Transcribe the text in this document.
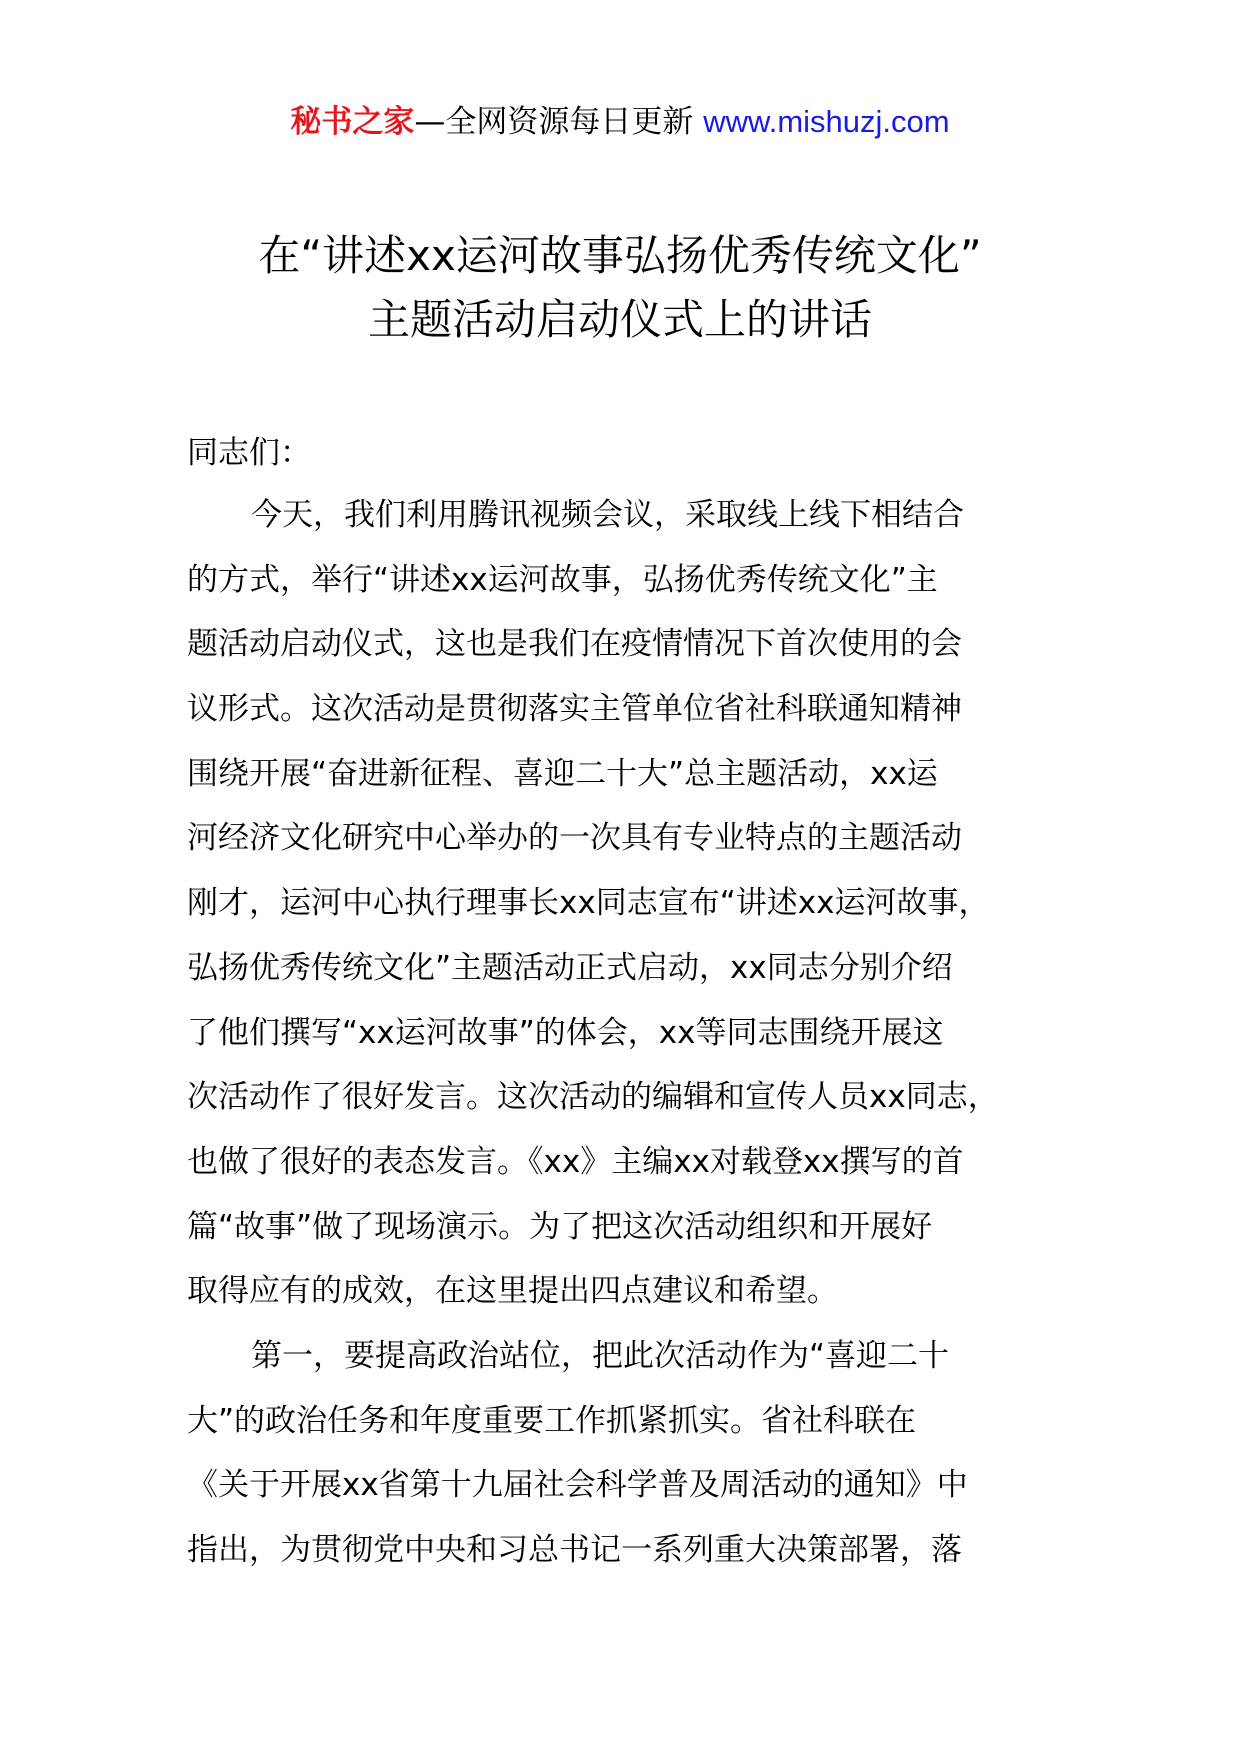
秘书之家—全网资源每日更新 www.mishuzj.com
在“讲述xx运河故事弘扬优秀传统文化”
主题活动启动仪式上的讲话
同志们：
今天，我们利用腾讯视频会议，采取线上线下相结合
的方式，举行“讲述xx运河故事，弘扬优秀传统文化”主
题活动启动仪式，这也是我们在疫情情况下首次使用的会
议形式。这次活动是贯彻落实主管单位省社科联通知精神
围绕开展“奋进新征程、喜迎二十大”总主题活动，xx运
河经济文化研究中心举办的一次具有专业特点的主题活动
刚才，运河中心执行理事长xx同志宣布“讲述xx运河故事，
弘扬优秀传统文化”主题活动正式启动，xx同志分别介绍
了他们撰写“xx运河故事”的体会，xx等同志围绕开展这
次活动作了很好发言。这次活动的编辑和宣传人员xx同志，
也做了很好的表态发言。《xx》主编xx对载登xx撰写的首
篇“故事”做了现场演示。为了把这次活动组织和开展好
取得应有的成效，在这里提出四点建议和希望。
第一，要提高政治站位，把此次活动作为“喜迎二十
大”的政治任务和年度重要工作抓紧抓实。省社科联在
《关于开展xx省第十九届社会科学普及周活动的通知》中
指出，为贯彻党中央和习总书记一系列重大决策部署，落
